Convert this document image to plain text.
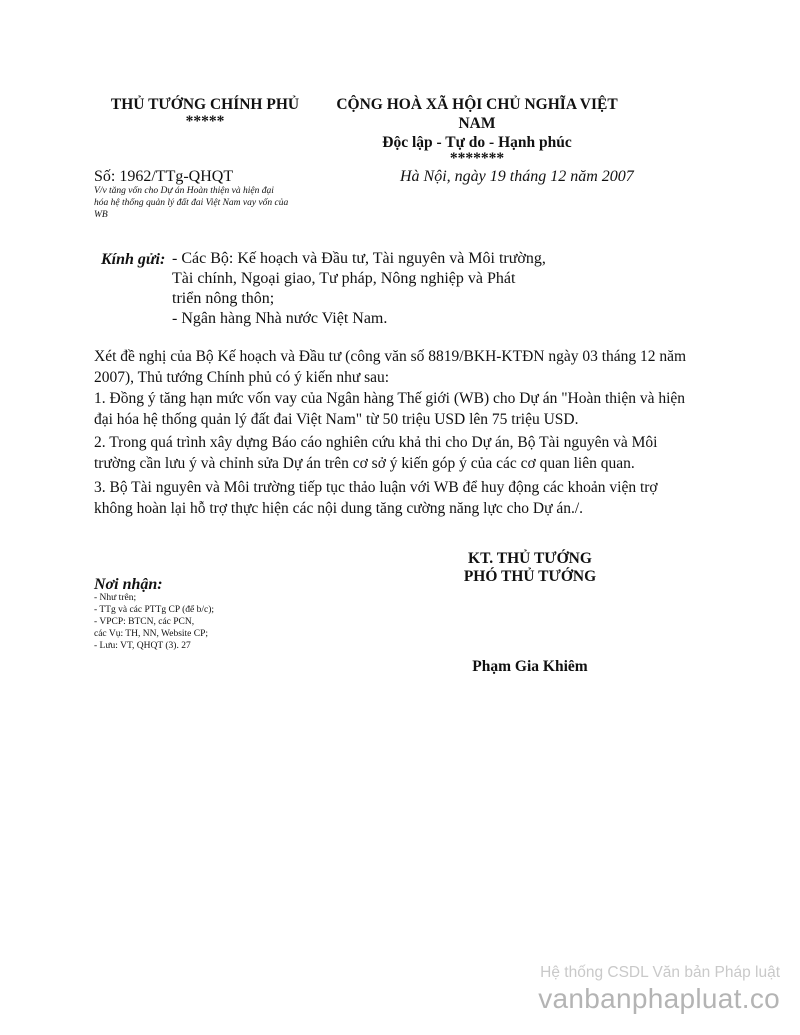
THỦ TƯỚNG CHÍNH PHỦ
*****
CỘNG HOÀ XÃ HỘI CHỦ NGHĨA VIỆT
NAM
Độc lập - Tự do - Hạnh phúc
*******
Số: 1962/TTg-QHQT	Hà Nội, ngày 19 tháng 12 năm 2007
V/v tăng vốn cho Dự án Hoàn thiện và hiện đại
hóa hệ thống quản lý đất đai Việt Nam vay vốn của
WB
Kính gửi: - Các Bộ: Kế hoạch và Đầu tư, Tài nguyên và Môi trường,
Tài chính, Ngoại giao, Tư pháp, Nông nghiệp và Phát
triển nông thôn;
- Ngân hàng Nhà nước Việt Nam.
Xét đề nghị của Bộ Kế hoạch và Đầu tư (công văn số 8819/BKH-KTĐN ngày 03 tháng 12 năm
2007), Thủ tướng Chính phủ có ý kiến như sau:
1. Đồng ý tăng hạn mức vốn vay của Ngân hàng Thế giới (WB) cho Dự án "Hoàn thiện và hiện
đại hóa hệ thống quản lý đất đai Việt Nam" từ 50 triệu USD lên 75 triệu USD.
2. Trong quá trình xây dựng Báo cáo nghiên cứu khả thi cho Dự án, Bộ Tài nguyên và Môi
trường cần lưu ý và chỉnh sửa Dự án trên cơ sở ý kiến góp ý của các cơ quan liên quan.
3. Bộ Tài nguyên và Môi trường tiếp tục thảo luận với WB để huy động các khoản viện trợ
không hoàn lại hỗ trợ thực hiện các nội dung tăng cường năng lực cho Dự án./.
KT. THỦ TƯỚNG
PHÓ THỦ TƯỚNG
Phạm Gia Khiêm
Nơi nhận:
- Như trên;
- TTg và các PTTg CP (để b/c);
- VPCP: BTCN, các PCN,
các Vụ: TH, NN, Website CP;
- Lưu: VT, QHQT (3). 27
Hệ thống CSDL Văn bản Pháp luật
vanbanphapluat.co
